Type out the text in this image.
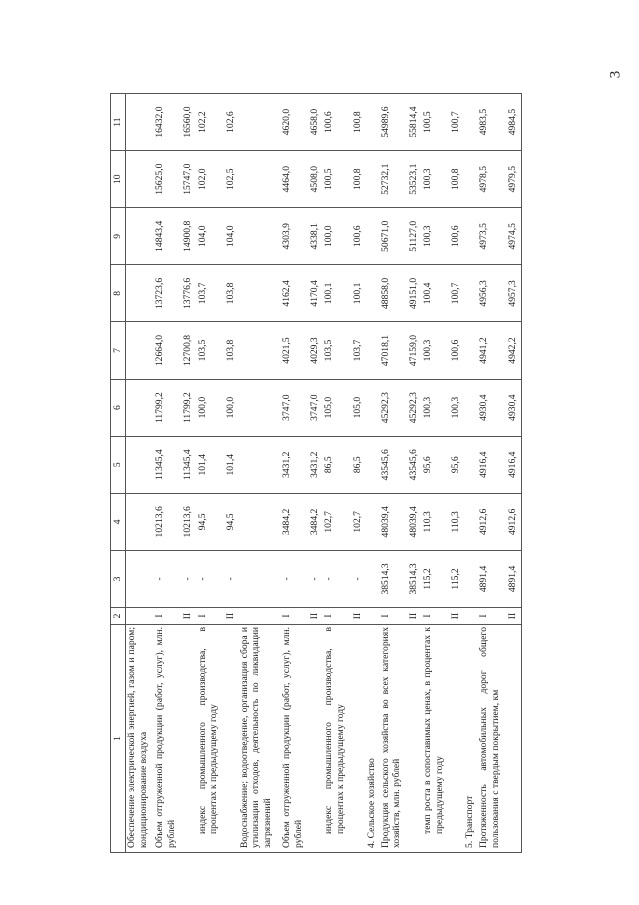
3
1	2	3	4	5	6	7	8	9	10	11
Обеспечение электрической энергией, газом и паром; кондиционирование воздуха										
Объем отгруженной продукции (работ, услуг), млн. рублей	I	-	10213,6	11345,4	11799,2	12664,0	13723,6	14843,4	15625,0	16432,0
	II	-	10213,6	11345,4	11799,2	12700,8	13776,6	14900,8	15747,0	16560,0
индекс промышленного производства, в процентах к предыдущему году	I	-	94,5	101,4	100,0	103,5	103,7	104,0	102,0	102,2
	II	-	94,5	101,4	100,0	103,8	103,8	104,0	102,5	102,6
Водоснабжение; водоотведение, организация сбора и утилизации отходов, деятельность по ликвидации загрязнений										
Объем отгруженной продукции (работ, услуг), млн. рублей	I	-	3484,2	3431,2	3747,0	4021,5	4162,4	4303,9	4464,0	4620,0
	II	-	3484,2	3431,2	3747,0	4029,3	4170,4	4338,1	4508,0	4658,0
индекс промышленного производства, в процентах к предыдущему году	I	-	102,7	86,5	105,0	103,5	100,1	100,0	100,5	100,6
	II	-	102,7	86,5	105,0	103,7	100,1	100,6	100,8	100,8
4. Сельское хозяйство										
Продукция сельского хозяйства во всех категориях хозяйств, млн. рублей	I	38514,3	48039,4	43545,6	45292,3	47018,1	48858,0	50671,0	52732,1	54989,6
	II	38514,3	48039,4	43545,6	45292,3	47159,0	49151,0	51127,0	53523,1	55814,4
темп роста в сопоставимых ценах, в процентах к предыдущему году	I	115,2	110,3	95,6	100,3	100,3	100,4	100,3	100,3	100,5
	II	115,2	110,3	95,6	100,3	100,6	100,7	100,6	100,8	100,7
5. Транспорт										
Протяженность автомобильных дорог общего пользования с твердым покрытием, км	I	4891,4	4912,6	4916,4	4930,4	4941,2	4956,3	4973,5	4978,5	4983,5
	II	4891,4	4912,6	4916,4	4930,4	4942,2	4957,3	4974,5	4979,5	4984,5
